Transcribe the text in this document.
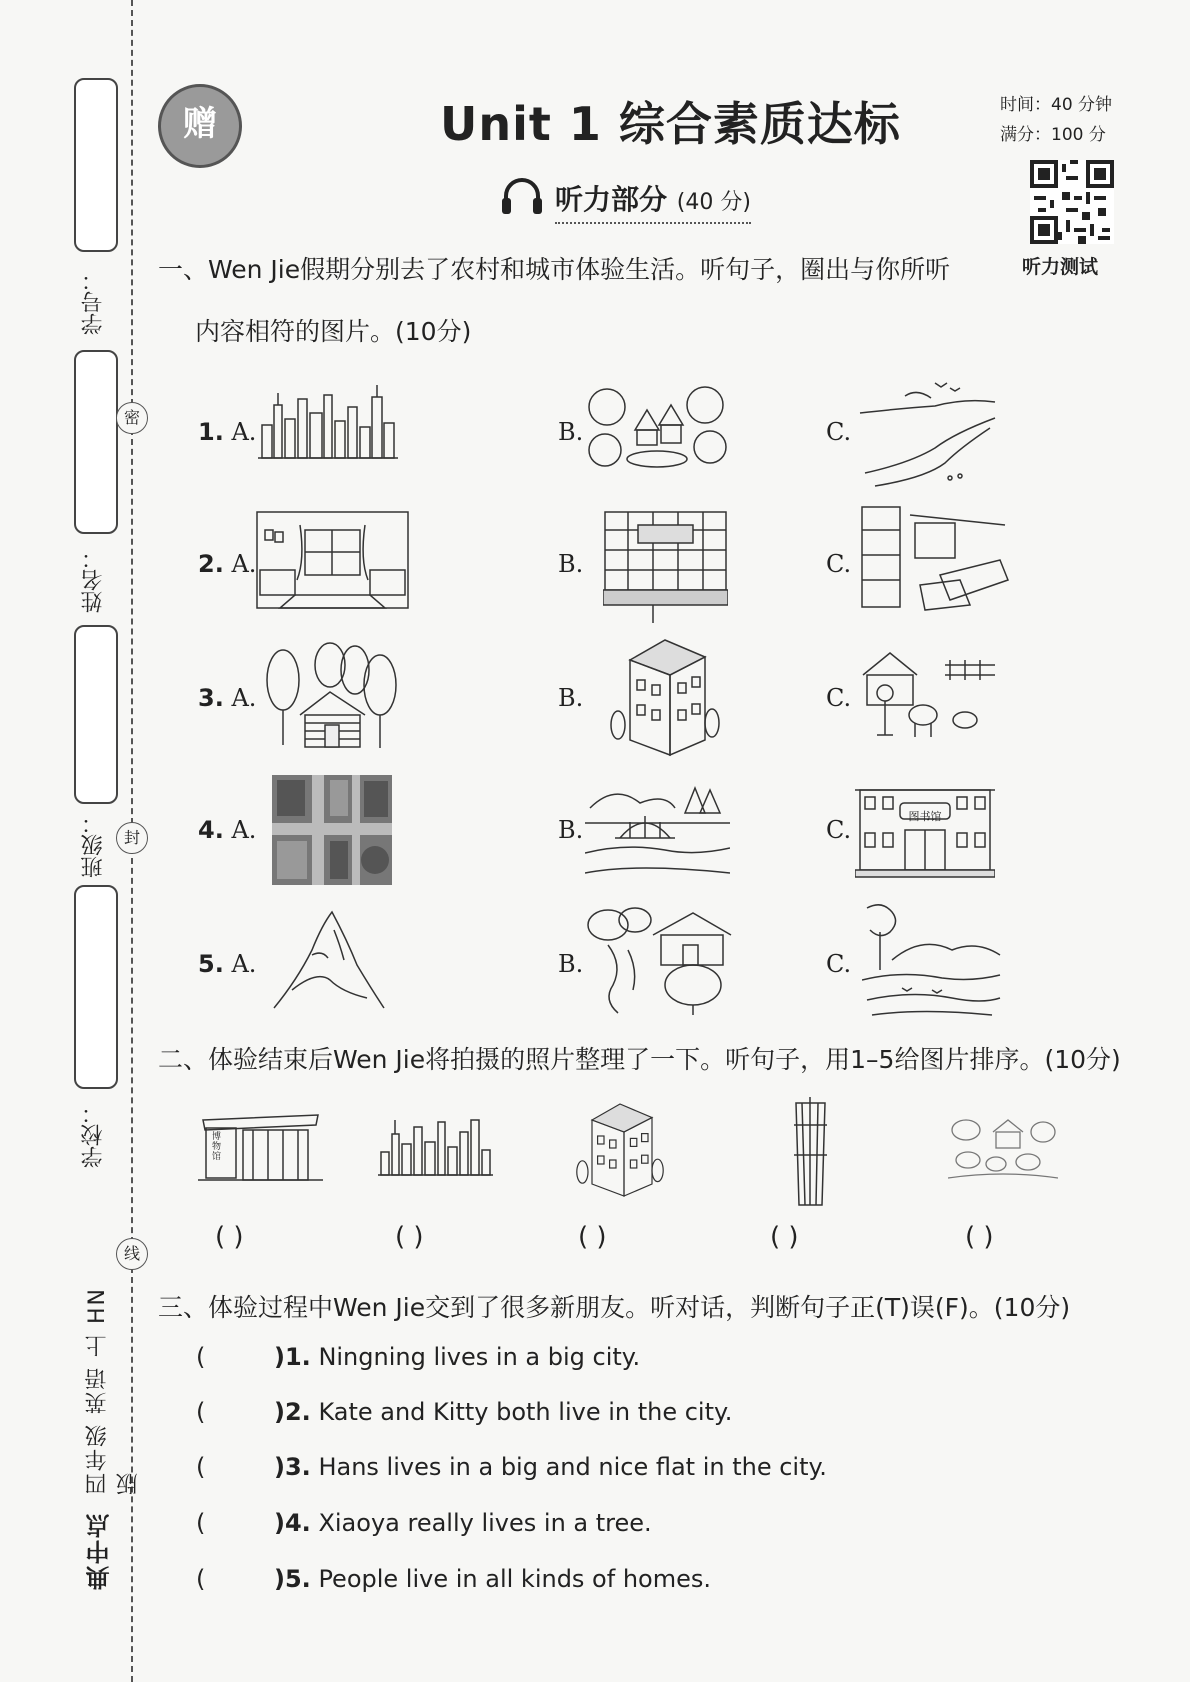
学号：
姓名：
班级：
学校：
密
封
线
四年级 英语 上 HN版
典中点
赠	Unit 1 综合素质达标	时间：40 分钟
满分：100 分
听力测试
听力部分 (40 分)
一、Wen Jie假期分别去了农村和城市体验生活。听句子，圈出与你所听
内容相符的图片。(10分)
1. A.	B.	C.
2. A.	B.	C.
3. A.	B.	C.
4. A.	B.	C.
5. A.	B.	C.
图书馆
二、体验结束后Wen Jie将拍摄的照片整理了一下。听句子，用1–5给图片排序。(10分)
博物馆
( )	( )	( )	( )	( )
三、体验过程中Wen Jie交到了很多新朋友。听对话，判断句子正(T)误(F)。(10分)
(	)1. Ningning lives in a big city.
(	)2. Kate and Kitty both live in the city.
(	)3. Hans lives in a big and nice flat in the city.
(	)4. Xiaoya really lives in a tree.
(	)5. People live in all kinds of homes.
